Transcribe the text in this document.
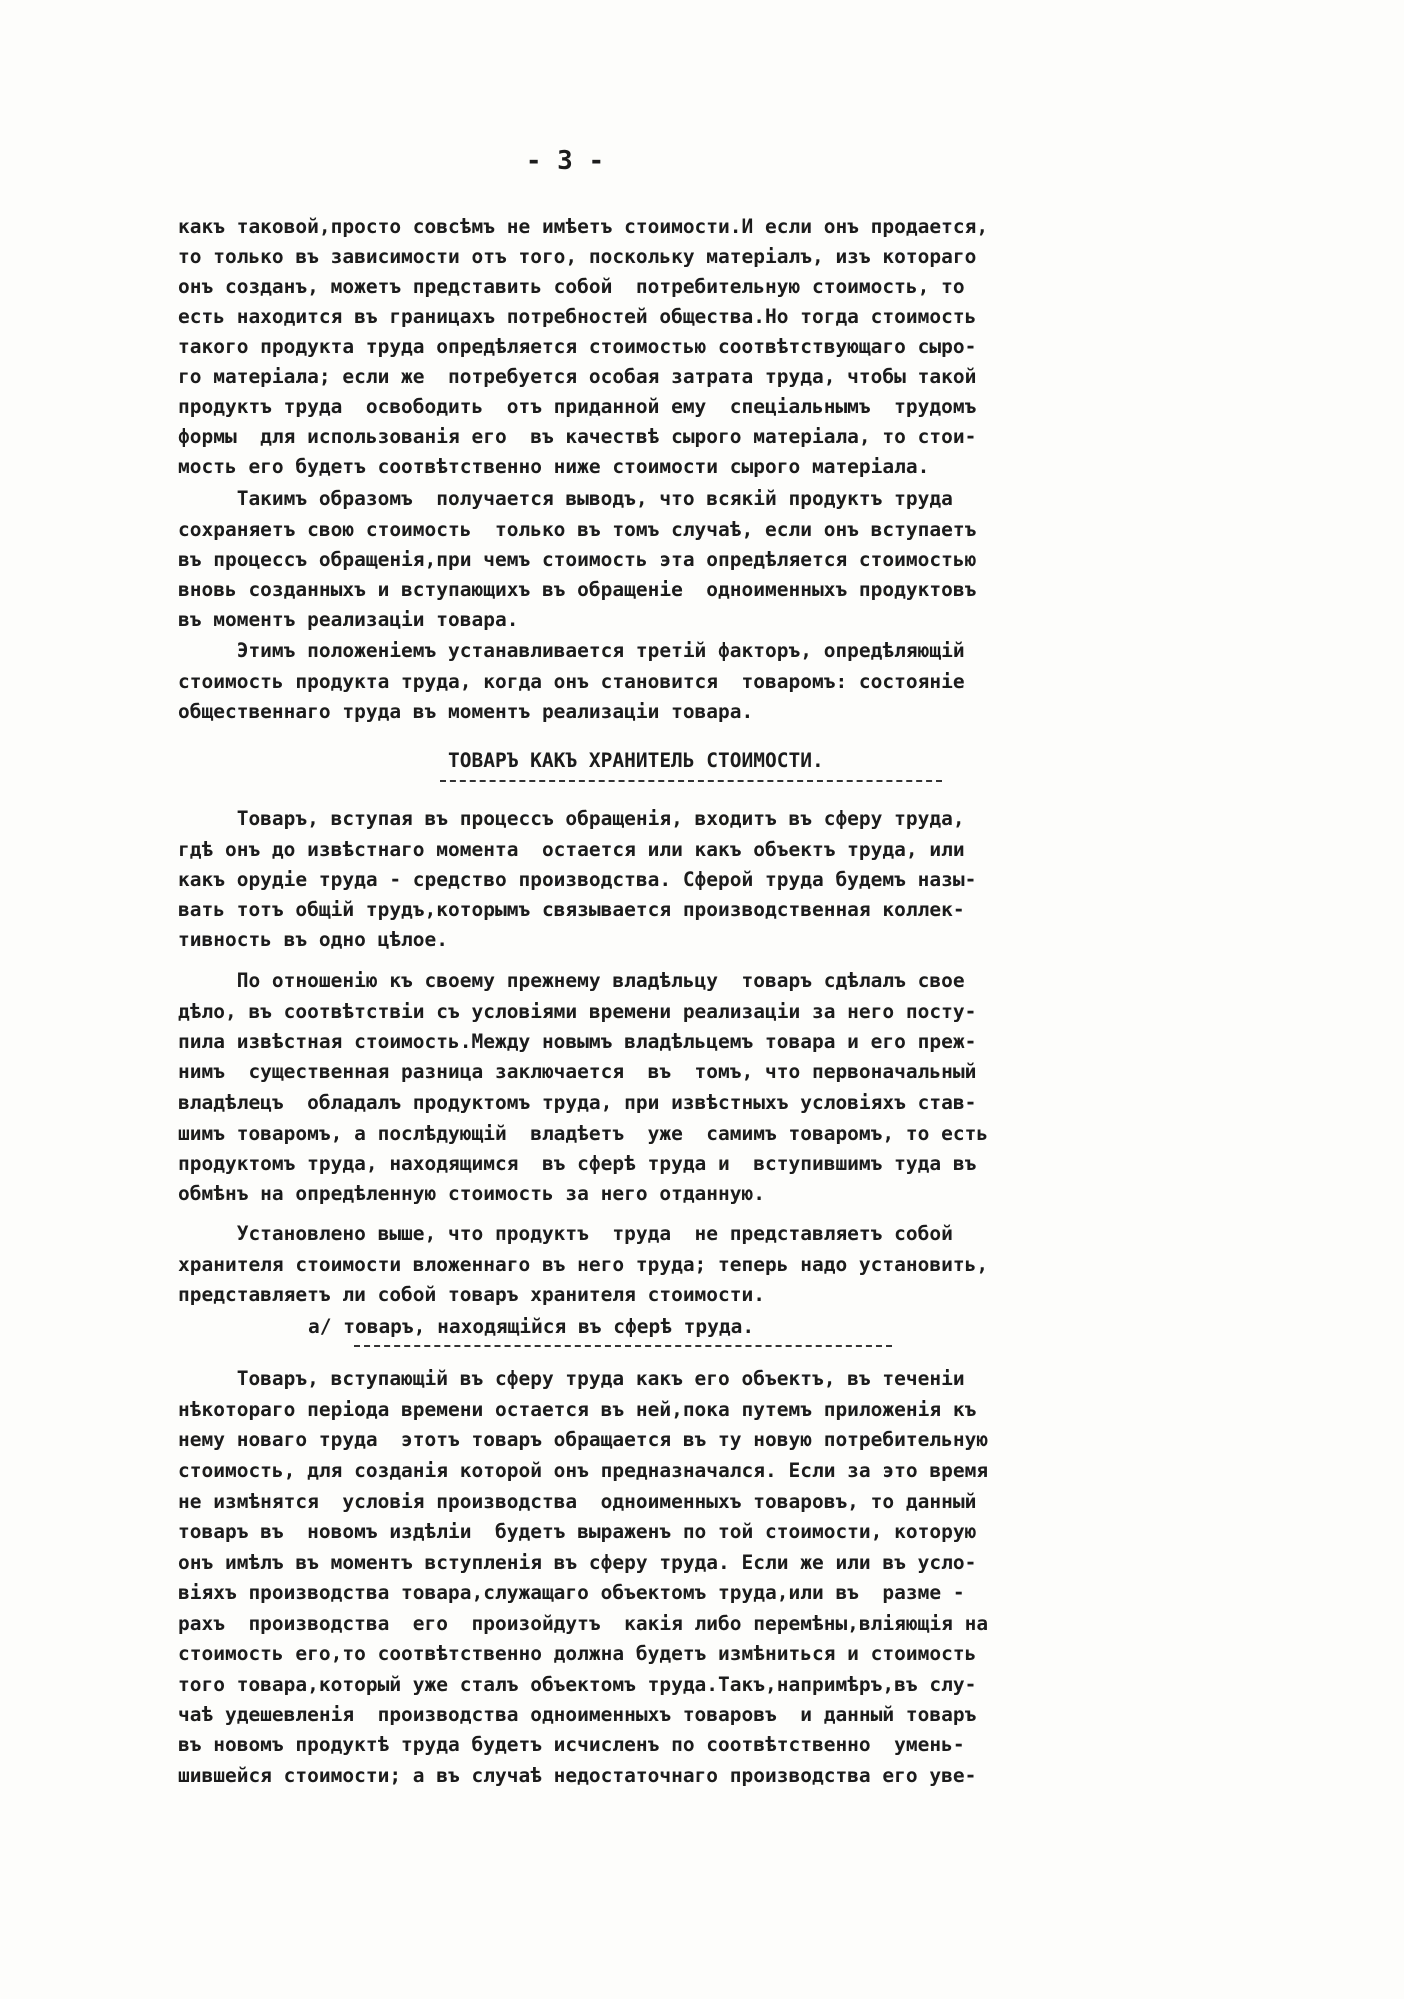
- 3 -

какъ таковой,просто совсѣмъ не имѣетъ стоимости.И если онъ продается,

то только въ зависимости отъ того, поскольку матеріалъ, изъ котораго

онъ созданъ, можетъ представить собой  потребительную стоимость, то

есть находится въ границахъ потребностей общества.Но тогда стоимость

такого продукта труда опредѣляется стоимостью соотвѣтствующаго сыро-

го матеріала; если же  потребуется особая затрата труда, чтобы такой

продуктъ труда  освободить  отъ приданной ему  спеціальнымъ  трудомъ

формы  для использованія его  въ качествѣ сырого матеріала, то стои-

мость его будетъ соотвѣтственно ниже стоимости сырого матеріала.

Такимъ образомъ  получается выводъ, что всякій продуктъ труда

сохраняетъ свою стоимость  только въ томъ случаѣ, если онъ вступаетъ

въ процессъ обращенія,при чемъ стоимость эта опредѣляется стоимостью

вновь созданныхъ и вступающихъ въ обращеніе  одноименныхъ продуктовъ

въ моментъ реализаціи товара.

Этимъ положеніемъ устанавливается третій факторъ, опредѣляющій

стоимость продукта труда, когда онъ становится  товаромъ: состояніе

общественнаго труда въ моментъ реализаціи товара.

ТОВАРЪ КАКЪ ХРАНИТЕЛЬ СТОИМОСТИ.

Товаръ, вступая въ процессъ обращенія, входитъ въ сферу труда,

гдѣ онъ до извѣстнаго момента  остается или какъ объектъ труда, или

какъ орудіе труда - средство производства. Сферой труда будемъ назы-

вать тотъ общій трудъ,которымъ связывается производственная коллек-

тивность въ одно цѣлое.

По отношенію къ своему прежнему владѣльцу  товаръ сдѣлалъ свое

дѣло, въ соотвѣтствіи съ условіями времени реализаціи за него посту-

пила извѣстная стоимость.Между новымъ владѣльцемъ товара и его преж-

нимъ  существенная разница заключается  въ  томъ, что первоначальный

владѣлецъ  обладалъ продуктомъ труда, при извѣстныхъ условіяхъ став-

шимъ товаромъ, а послѣдующій  владѣетъ  уже  самимъ товаромъ, то есть

продуктомъ труда, находящимся  въ сферѣ труда и  вступившимъ туда въ

обмѣнъ на опредѣленную стоимость за него отданную.

Установлено выше, что продуктъ  труда  не представляетъ собой

хранителя стоимости вложеннаго въ него труда; теперь надо установить,

представляетъ ли собой товаръ хранителя стоимости.

а/ товаръ, находящійся въ сферѣ труда.

Товаръ, вступающій въ сферу труда какъ его объектъ, въ теченіи

нѣкотораго періода времени остается въ ней,пока путемъ приложенія къ

нему новаго труда  этотъ товаръ обращается въ ту новую потребительную

стоимость, для созданія которой онъ предназначался. Если за это время

не измѣнятся  условія производства  одноименныхъ товаровъ, то данный

товаръ въ  новомъ издѣліи  будетъ выраженъ по той стоимости, которую

онъ имѣлъ въ моментъ вступленія въ сферу труда. Если же или въ усло-

віяхъ производства товара,служащаго объектомъ труда,или въ  разме -

рахъ  производства  его  произойдутъ  какія либо перемѣны,вліяющія на

стоимость его,то соотвѣтственно должна будетъ измѣниться и стоимость

того товара,который уже сталъ объектомъ труда.Такъ,напримѣръ,въ слу-

чаѣ удешевленія  производства одноименныхъ товаровъ  и данный товаръ

въ новомъ продуктѣ труда будетъ исчисленъ по соотвѣтственно  умень-

шившейся стоимости; а въ случаѣ недостаточнаго производства его уве-
